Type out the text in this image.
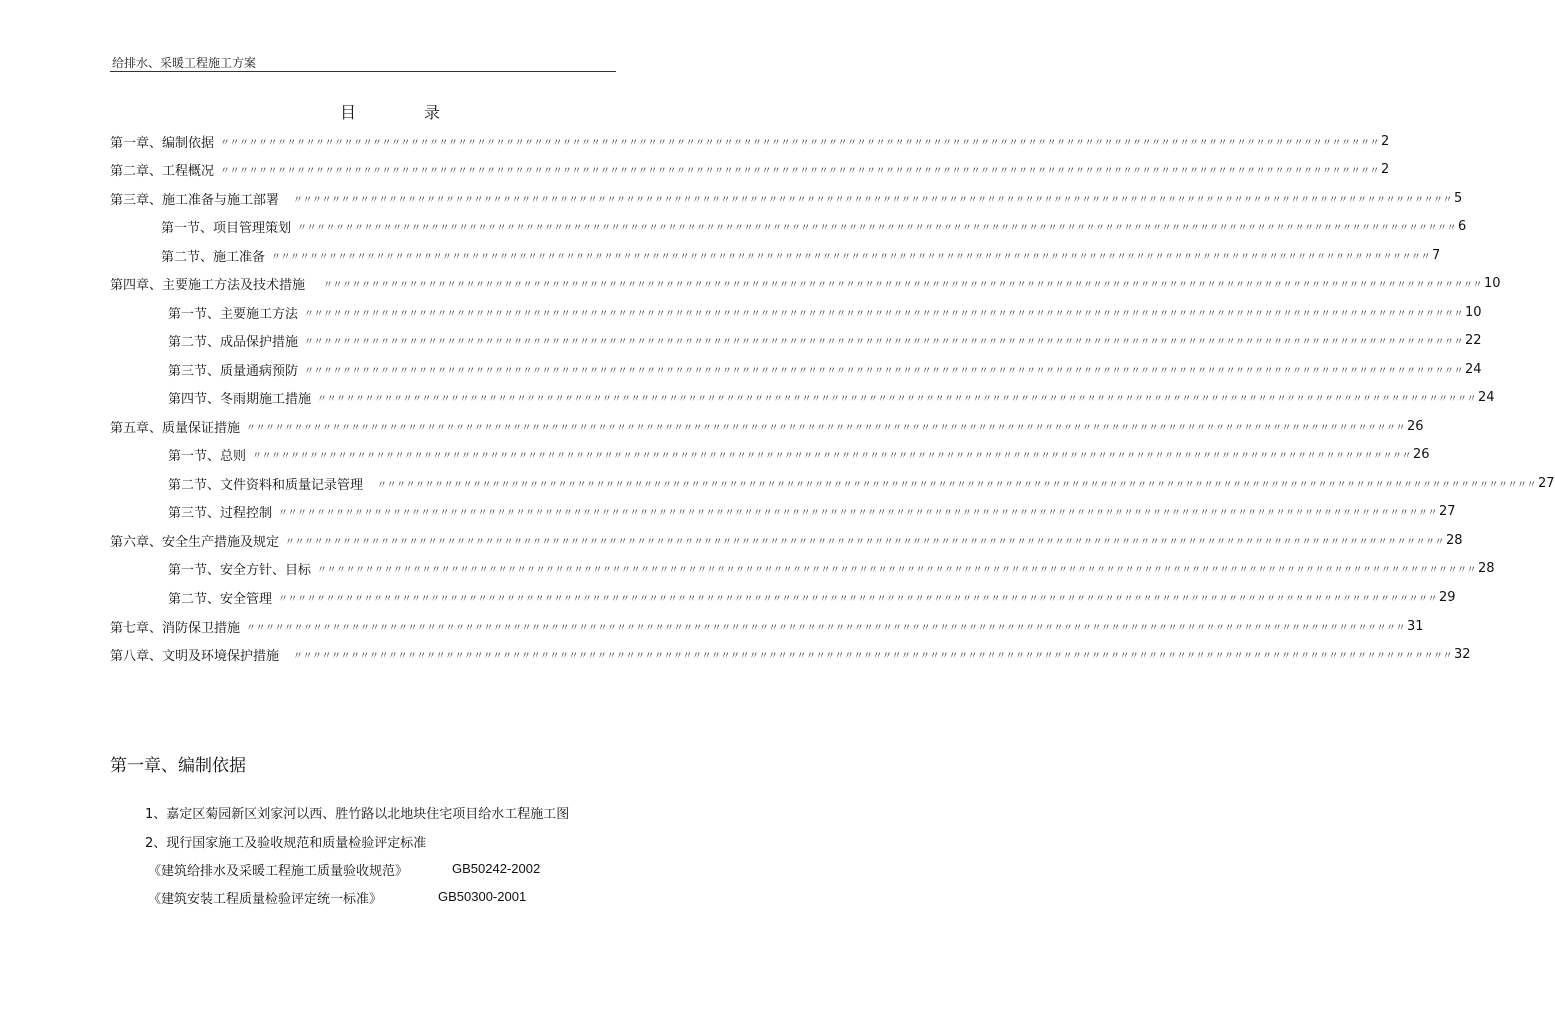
给排水、采暖工程施工方案
目　录
第一章、编制依据 〃〃〃〃〃〃〃〃〃〃〃〃〃〃〃〃〃〃〃〃〃〃〃〃〃〃〃〃〃〃〃〃〃〃〃〃〃〃〃〃〃〃〃〃〃〃〃〃〃〃〃〃〃〃〃〃〃〃〃〃〃〃〃〃〃〃〃〃〃〃〃〃〃〃〃〃〃〃〃〃〃〃〃〃〃〃〃〃〃〃〃〃〃〃〃〃〃〃〃〃〃〃〃〃〃〃〃〃〃〃〃〃〃〃〃〃〃〃〃〃〃〃 2
第二章、工程概况 〃〃〃〃〃〃〃〃〃〃〃〃〃〃〃〃〃〃〃〃〃〃〃〃〃〃〃〃〃〃〃〃〃〃〃〃〃〃〃〃〃〃〃〃〃〃〃〃〃〃〃〃〃〃〃〃〃〃〃〃〃〃〃〃〃〃〃〃〃〃〃〃〃〃〃〃〃〃〃〃〃〃〃〃〃〃〃〃〃〃〃〃〃〃〃〃〃〃〃〃〃〃〃〃〃〃〃〃〃〃〃〃〃〃〃〃〃〃〃〃〃〃 2
第三章、施工准备与施工部署 〃〃〃〃〃〃〃〃〃〃〃〃〃〃〃〃〃〃〃〃〃〃〃〃〃〃〃〃〃〃〃〃〃〃〃〃〃〃〃〃〃〃〃〃〃〃〃〃〃〃〃〃〃〃〃〃〃〃〃〃〃〃〃〃〃〃〃〃〃〃〃〃〃〃〃〃〃〃〃〃〃〃〃〃〃〃〃〃〃〃〃〃〃〃〃〃〃〃〃〃〃〃〃〃〃〃〃〃〃〃〃〃〃〃〃〃〃〃〃〃〃〃 5
第一节、项目管理策划 〃〃〃〃〃〃〃〃〃〃〃〃〃〃〃〃〃〃〃〃〃〃〃〃〃〃〃〃〃〃〃〃〃〃〃〃〃〃〃〃〃〃〃〃〃〃〃〃〃〃〃〃〃〃〃〃〃〃〃〃〃〃〃〃〃〃〃〃〃〃〃〃〃〃〃〃〃〃〃〃〃〃〃〃〃〃〃〃〃〃〃〃〃〃〃〃〃〃〃〃〃〃〃〃〃〃〃〃〃〃〃〃〃〃〃〃〃〃〃〃〃〃 6
第二节、施工准备 〃〃〃〃〃〃〃〃〃〃〃〃〃〃〃〃〃〃〃〃〃〃〃〃〃〃〃〃〃〃〃〃〃〃〃〃〃〃〃〃〃〃〃〃〃〃〃〃〃〃〃〃〃〃〃〃〃〃〃〃〃〃〃〃〃〃〃〃〃〃〃〃〃〃〃〃〃〃〃〃〃〃〃〃〃〃〃〃〃〃〃〃〃〃〃〃〃〃〃〃〃〃〃〃〃〃〃〃〃〃〃〃〃〃〃〃〃〃〃〃〃〃 7
第四章、主要施工方法及技术措施 〃〃〃〃〃〃〃〃〃〃〃〃〃〃〃〃〃〃〃〃〃〃〃〃〃〃〃〃〃〃〃〃〃〃〃〃〃〃〃〃〃〃〃〃〃〃〃〃〃〃〃〃〃〃〃〃〃〃〃〃〃〃〃〃〃〃〃〃〃〃〃〃〃〃〃〃〃〃〃〃〃〃〃〃〃〃〃〃〃〃〃〃〃〃〃〃〃〃〃〃〃〃〃〃〃〃〃〃〃〃〃〃〃〃〃〃〃〃〃〃〃〃 10
第一节、主要施工方法 〃〃〃〃〃〃〃〃〃〃〃〃〃〃〃〃〃〃〃〃〃〃〃〃〃〃〃〃〃〃〃〃〃〃〃〃〃〃〃〃〃〃〃〃〃〃〃〃〃〃〃〃〃〃〃〃〃〃〃〃〃〃〃〃〃〃〃〃〃〃〃〃〃〃〃〃〃〃〃〃〃〃〃〃〃〃〃〃〃〃〃〃〃〃〃〃〃〃〃〃〃〃〃〃〃〃〃〃〃〃〃〃〃〃〃〃〃〃〃〃〃〃 10
第二节、成品保护措施 〃〃〃〃〃〃〃〃〃〃〃〃〃〃〃〃〃〃〃〃〃〃〃〃〃〃〃〃〃〃〃〃〃〃〃〃〃〃〃〃〃〃〃〃〃〃〃〃〃〃〃〃〃〃〃〃〃〃〃〃〃〃〃〃〃〃〃〃〃〃〃〃〃〃〃〃〃〃〃〃〃〃〃〃〃〃〃〃〃〃〃〃〃〃〃〃〃〃〃〃〃〃〃〃〃〃〃〃〃〃〃〃〃〃〃〃〃〃〃〃〃〃 22
第三节、质量通病预防 〃〃〃〃〃〃〃〃〃〃〃〃〃〃〃〃〃〃〃〃〃〃〃〃〃〃〃〃〃〃〃〃〃〃〃〃〃〃〃〃〃〃〃〃〃〃〃〃〃〃〃〃〃〃〃〃〃〃〃〃〃〃〃〃〃〃〃〃〃〃〃〃〃〃〃〃〃〃〃〃〃〃〃〃〃〃〃〃〃〃〃〃〃〃〃〃〃〃〃〃〃〃〃〃〃〃〃〃〃〃〃〃〃〃〃〃〃〃〃〃〃〃 24
第四节、冬雨期施工措施 〃〃〃〃〃〃〃〃〃〃〃〃〃〃〃〃〃〃〃〃〃〃〃〃〃〃〃〃〃〃〃〃〃〃〃〃〃〃〃〃〃〃〃〃〃〃〃〃〃〃〃〃〃〃〃〃〃〃〃〃〃〃〃〃〃〃〃〃〃〃〃〃〃〃〃〃〃〃〃〃〃〃〃〃〃〃〃〃〃〃〃〃〃〃〃〃〃〃〃〃〃〃〃〃〃〃〃〃〃〃〃〃〃〃〃〃〃〃〃〃〃〃 24
第五章、质量保证措施 〃〃〃〃〃〃〃〃〃〃〃〃〃〃〃〃〃〃〃〃〃〃〃〃〃〃〃〃〃〃〃〃〃〃〃〃〃〃〃〃〃〃〃〃〃〃〃〃〃〃〃〃〃〃〃〃〃〃〃〃〃〃〃〃〃〃〃〃〃〃〃〃〃〃〃〃〃〃〃〃〃〃〃〃〃〃〃〃〃〃〃〃〃〃〃〃〃〃〃〃〃〃〃〃〃〃〃〃〃〃〃〃〃〃〃〃〃〃〃〃〃〃 26
第一节、总则 〃〃〃〃〃〃〃〃〃〃〃〃〃〃〃〃〃〃〃〃〃〃〃〃〃〃〃〃〃〃〃〃〃〃〃〃〃〃〃〃〃〃〃〃〃〃〃〃〃〃〃〃〃〃〃〃〃〃〃〃〃〃〃〃〃〃〃〃〃〃〃〃〃〃〃〃〃〃〃〃〃〃〃〃〃〃〃〃〃〃〃〃〃〃〃〃〃〃〃〃〃〃〃〃〃〃〃〃〃〃〃〃〃〃〃〃〃〃〃〃〃〃 26
第二节、文件资料和质量记录管理 〃〃〃〃〃〃〃〃〃〃〃〃〃〃〃〃〃〃〃〃〃〃〃〃〃〃〃〃〃〃〃〃〃〃〃〃〃〃〃〃〃〃〃〃〃〃〃〃〃〃〃〃〃〃〃〃〃〃〃〃〃〃〃〃〃〃〃〃〃〃〃〃〃〃〃〃〃〃〃〃〃〃〃〃〃〃〃〃〃〃〃〃〃〃〃〃〃〃〃〃〃〃〃〃〃〃〃〃〃〃〃〃〃〃〃〃〃〃〃〃〃〃 27
第三节、过程控制 〃〃〃〃〃〃〃〃〃〃〃〃〃〃〃〃〃〃〃〃〃〃〃〃〃〃〃〃〃〃〃〃〃〃〃〃〃〃〃〃〃〃〃〃〃〃〃〃〃〃〃〃〃〃〃〃〃〃〃〃〃〃〃〃〃〃〃〃〃〃〃〃〃〃〃〃〃〃〃〃〃〃〃〃〃〃〃〃〃〃〃〃〃〃〃〃〃〃〃〃〃〃〃〃〃〃〃〃〃〃〃〃〃〃〃〃〃〃〃〃〃〃 27
第六章、安全生产措施及规定 〃〃〃〃〃〃〃〃〃〃〃〃〃〃〃〃〃〃〃〃〃〃〃〃〃〃〃〃〃〃〃〃〃〃〃〃〃〃〃〃〃〃〃〃〃〃〃〃〃〃〃〃〃〃〃〃〃〃〃〃〃〃〃〃〃〃〃〃〃〃〃〃〃〃〃〃〃〃〃〃〃〃〃〃〃〃〃〃〃〃〃〃〃〃〃〃〃〃〃〃〃〃〃〃〃〃〃〃〃〃〃〃〃〃〃〃〃〃〃〃〃〃 28
第一节、安全方针、目标 〃〃〃〃〃〃〃〃〃〃〃〃〃〃〃〃〃〃〃〃〃〃〃〃〃〃〃〃〃〃〃〃〃〃〃〃〃〃〃〃〃〃〃〃〃〃〃〃〃〃〃〃〃〃〃〃〃〃〃〃〃〃〃〃〃〃〃〃〃〃〃〃〃〃〃〃〃〃〃〃〃〃〃〃〃〃〃〃〃〃〃〃〃〃〃〃〃〃〃〃〃〃〃〃〃〃〃〃〃〃〃〃〃〃〃〃〃〃〃〃〃〃 28
第二节、安全管理 〃〃〃〃〃〃〃〃〃〃〃〃〃〃〃〃〃〃〃〃〃〃〃〃〃〃〃〃〃〃〃〃〃〃〃〃〃〃〃〃〃〃〃〃〃〃〃〃〃〃〃〃〃〃〃〃〃〃〃〃〃〃〃〃〃〃〃〃〃〃〃〃〃〃〃〃〃〃〃〃〃〃〃〃〃〃〃〃〃〃〃〃〃〃〃〃〃〃〃〃〃〃〃〃〃〃〃〃〃〃〃〃〃〃〃〃〃〃〃〃〃〃 29
第七章、消防保卫措施 〃〃〃〃〃〃〃〃〃〃〃〃〃〃〃〃〃〃〃〃〃〃〃〃〃〃〃〃〃〃〃〃〃〃〃〃〃〃〃〃〃〃〃〃〃〃〃〃〃〃〃〃〃〃〃〃〃〃〃〃〃〃〃〃〃〃〃〃〃〃〃〃〃〃〃〃〃〃〃〃〃〃〃〃〃〃〃〃〃〃〃〃〃〃〃〃〃〃〃〃〃〃〃〃〃〃〃〃〃〃〃〃〃〃〃〃〃〃〃〃〃〃 31
第八章、文明及环境保护措施 〃〃〃〃〃〃〃〃〃〃〃〃〃〃〃〃〃〃〃〃〃〃〃〃〃〃〃〃〃〃〃〃〃〃〃〃〃〃〃〃〃〃〃〃〃〃〃〃〃〃〃〃〃〃〃〃〃〃〃〃〃〃〃〃〃〃〃〃〃〃〃〃〃〃〃〃〃〃〃〃〃〃〃〃〃〃〃〃〃〃〃〃〃〃〃〃〃〃〃〃〃〃〃〃〃〃〃〃〃〃〃〃〃〃〃〃〃〃〃〃〃〃 32
第一章、编制依据
1、嘉定区菊园新区刘家河以西、胜竹路以北地块住宅项目给水工程施工图
2、现行国家施工及验收规范和质量检验评定标准
《建筑给排水及采暖工程施工质量验收规范》	GB50242-2002
《建筑安装工程质量检验评定统一标准》	GB50300-2001
